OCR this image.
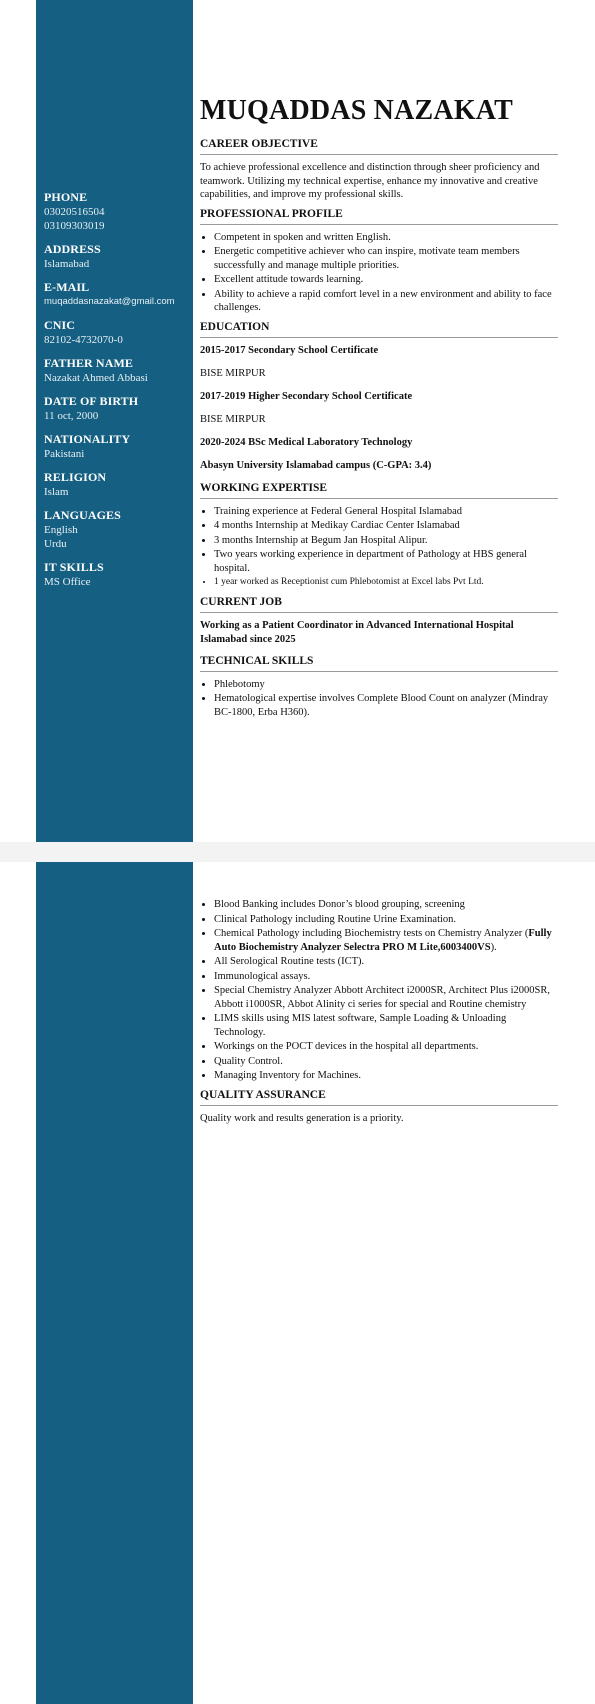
PHONE
03020516504
03109303019
ADDRESS
Islamabad
E-MAIL
muqaddasnazakat@gmail.com
CNIC
82102-4732070-0
FATHER NAME
Nazakat Ahmed Abbasi
DATE OF BIRTH
11 oct, 2000
NATIONALITY
Pakistani
RELIGION
Islam
LANGUAGES
English
Urdu
IT SKILLS
MS Office
MUQADDAS NAZAKAT
CAREER OBJECTIVE

To achieve professional excellence and distinction through sheer proficiency and teamwork. Utilizing my technical expertise, enhance my innovative and creative capabilities, and improve my professional skills.

PROFESSIONAL PROFILE
• Competent in spoken and written English.
• Energetic competitive achiever who can inspire, motivate team members successfully and manage multiple priorities.
• Excellent attitude towards learning.
• Ability to achieve a rapid comfort level in a new environment and ability to face challenges.
EDUCATION
2015-2017 Secondary School Certificate
BISE MIRPUR
2017-2019 Higher Secondary School Certificate
BISE MIRPUR
2020-2024 BSc Medical Laboratory Technology
Abasyn University Islamabad campus (C-GPA: 3.4)
WORKING EXPERTISE
• Training experience at Federal General Hospital Islamabad
• 4 months Internship at Medikay Cardiac Center Islamabad
• 3 months Internship at Begum Jan Hospital Alipur.
• Two years working experience in department of Pathology at HBS general hospital.
• 1 year worked as Receptionist cum Phlebotomist at Excel labs Pvt Ltd.
CURRENT JOB
Working as a Patient Coordinator in Advanced International Hospital Islamabad since 2025
TECHNICAL SKILLS
• Phlebotomy
• Hematological expertise involves Complete Blood Count on analyzer (Mindray BC-1800, Erba H360).
• Blood Banking includes Donor’s blood grouping, screening
• Clinical Pathology including Routine Urine Examination.
• Chemical Pathology including Biochemistry tests on Chemistry Analyzer (Fully Auto Biochemistry Analyzer Selectra PRO M Lite,6003400VS).
• All Serological Routine tests (ICT).
• Immunological assays.
• Special Chemistry Analyzer Abbott Architect i2000SR, Architect Plus i2000SR, Abbott i1000SR, Abbot Alinity ci series for special and Routine chemistry
• LIMS skills using MIS latest software, Sample Loading & Unloading Technology.
• Workings on the POCT devices in the hospital all departments.
• Quality Control.
• Managing Inventory for Machines.
QUALITY ASSURANCE

Quality work and results generation is a priority.
